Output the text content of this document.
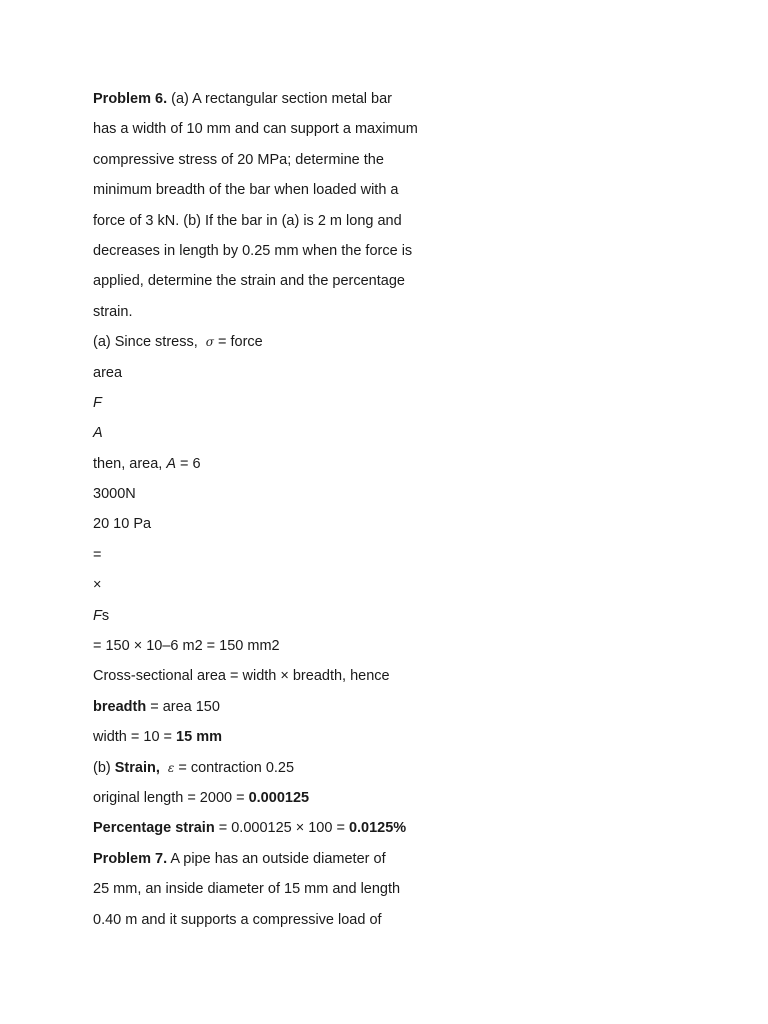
Problem 6. (a) A rectangular section metal bar
has a width of 10 mm and can support a maximum
compressive stress of 20 MPa; determine the
minimum breadth of the bar when loaded with a
force of 3 kN. (b) If the bar in (a) is 2 m long and
decreases in length by 0.25 mm when the force is
applied, determine the strain and the percentage
strain.
(a) Since stress, σ = force
area
F
A
then, area, A = 6
3000N
20 10 Pa
=
×
Fs
= 150 × 10–6 m2 = 150 mm2
Cross-sectional area = width × breadth, hence
breadth = area 150
width = 10 = 15 mm
(b) Strain, ε = contraction 0.25
original length = 2000 = 0.000125
Percentage strain = 0.000125 × 100 = 0.0125%
Problem 7. A pipe has an outside diameter of
25 mm, an inside diameter of 15 mm and length
0.40 m and it supports a compressive load of
